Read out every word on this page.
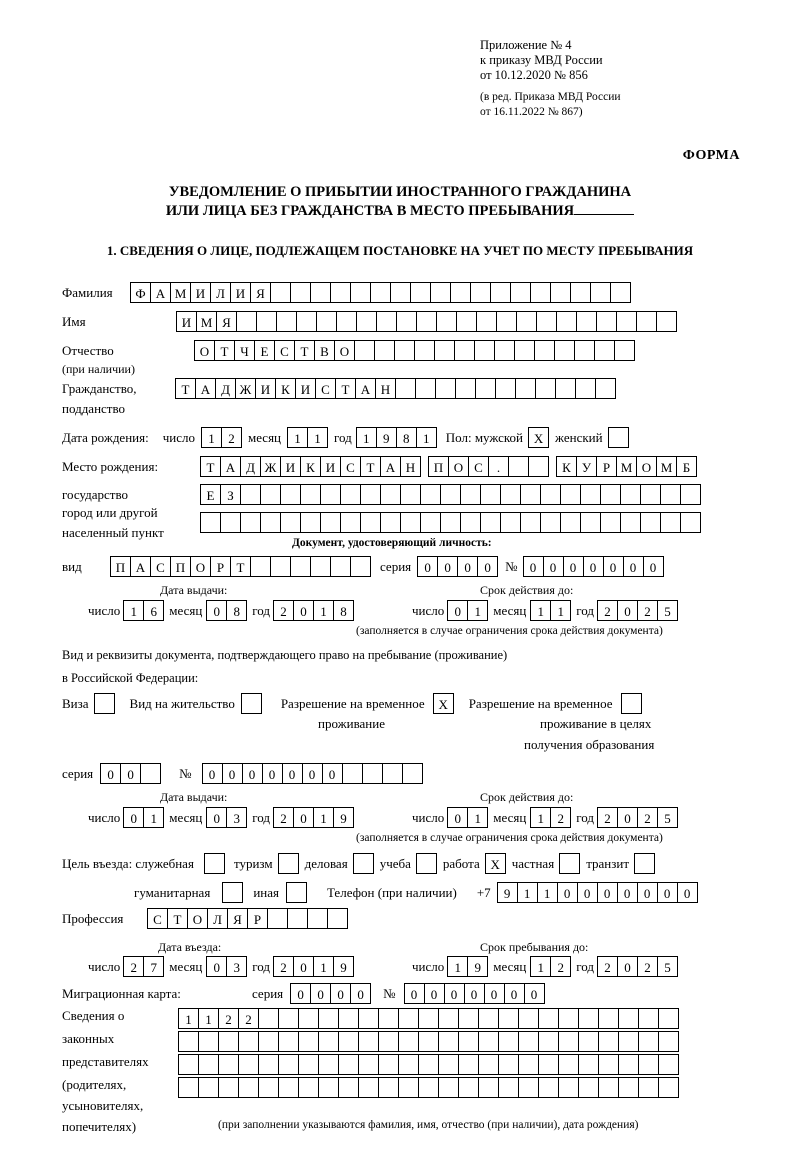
Приложение № 4
к приказу МВД России
от 10.12.2020 № 856
(в ред. Приказа МВД России
от 16.11.2022 № 867)
ФОРМА
УВЕДОМЛЕНИЕ О ПРИБЫТИИ ИНОСТРАННОГО ГРАЖДАНИНА
ИЛИ ЛИЦА БЕЗ ГРАЖДАНСТВА В МЕСТО ПРЕБЫВАНИЯ
1. СВЕДЕНИЯ О ЛИЦЕ, ПОДЛЕЖАЩЕМ ПОСТАНОВКЕ НА УЧЕТ ПО МЕСТУ ПРЕБЫВАНИЯ
Фамилия	Ф А М И Л И Я
Имя	И М Я
Отчество	О Т Ч Е С Т В О
(при наличии)
Гражданство,	Т А Д Ж И К И С Т А Н
подданство
Дата рождения: число	1	2	месяц	1	1	год 1	9	8	1	Пол: мужской X женский
Место рождения:	Т А Д Ж И К И С Т А Н	П О С	.	К У Р М О М Б
государство	Е З
город или другой

населенный пункт
Документ, удостоверяющий личность:
вид	П А С П О Р Т	серия	0	0	0	0	№ 0	0	0	0	0	0	0
Дата выдачи:	Срок действия до:
число 1	6 месяц 0	8 год 2	0	1	8	число 0	1 месяц 1	1 год 2	0	2	5
(заполняется в случае ограничения срока действия документа)
Вид и реквизиты документа, подтверждающего право на пребывание (проживание)
в Российской Федерации:
Виза	Вид на жительство	Разрешение на временное	X	Разрешение на временное
проживание	проживание в целях
получения образования
серия	0	0	№	0	0	0	0	0	0	0
Дата выдачи:	Срок действия до:
число 0	1 месяц 0	3 год 2	0	1	9	число 0	1 месяц 1	2 год 2	0	2	5
(заполняется в случае ограничения срока действия документа)
Цель въезда: служебная	туризм деловая учеба работа X частная транзит
гуманитарная	иная	Телефон (при наличии) +7	9	1	1	0	0	0	0	0	0	0
Профессия	С Т О Л Я Р
Дата въезда:	Срок пребывания до:
число 2	7 месяц 0	3 год 2	0	1	9	число 1	9 месяц 1	2 год 2	0	2	5
Миграционная карта:	серия	0	0	0	0	№	0	0	0	0	0	0	0
Сведения о	1	1	2	2
законных
представителях
(родителях,
усыновителях,
попечителях)	(при заполнении указываются фамилия, имя, отчество (при наличии), дата рождения)
